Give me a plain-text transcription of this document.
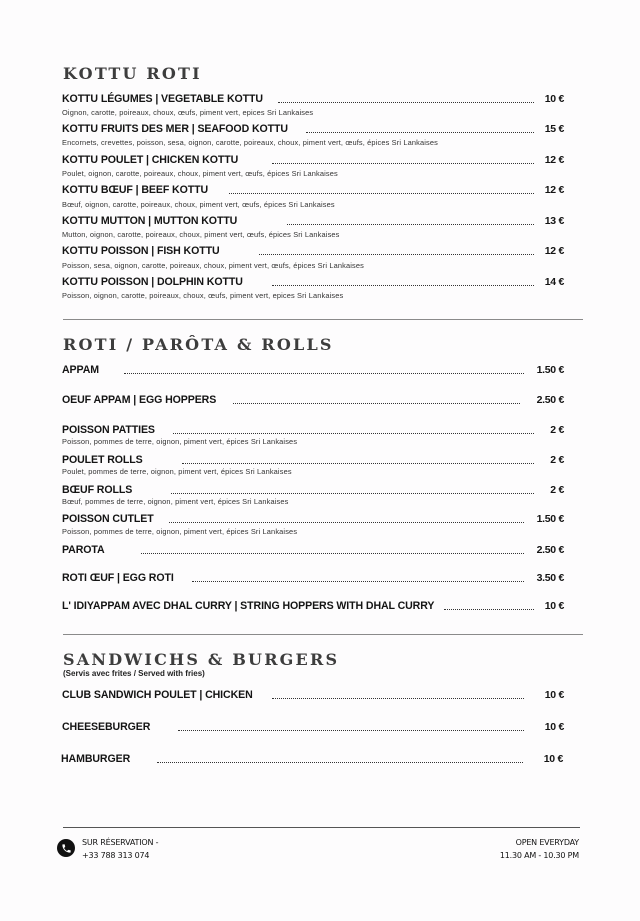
KOTTU ROTI
KOTTU LÉGUMES | VEGETABLE KOTTU	10 €
Oignon, carotte, poireaux, choux, œufs, piment vert, epices Sri Lankaises
KOTTU FRUITS DES MER | SEAFOOD KOTTU	15 €
Encornets, crevettes, poisson, sesa, oignon, carotte, poireaux, choux, piment vert, œufs, épices Sri Lankaises
KOTTU POULET | CHICKEN KOTTU	12 €
Poulet, oignon, carotte, poireaux, choux, piment vert, œufs, épices Sri Lankaises
KOTTU BŒUF | BEEF KOTTU	12 €
Bœuf, oignon, carotte, poireaux, choux, piment vert, œufs, épices Sri Lankaises
KOTTU MUTTON | MUTTON KOTTU	13 €
Mutton, oignon, carotte, poireaux, choux, piment vert, œufs, épices Sri Lankaises
KOTTU POISSON | FISH KOTTU	12 €
Poisson, sesa, oignon, carotte, poireaux, choux, piment vert, œufs, épices Sri Lankaises
KOTTU POISSON | DOLPHIN KOTTU	14 €
Poisson, oignon, carotte, poireaux, choux, œufs, piment vert, epices Sri Lankaises
ROTI / PARÔTA & ROLLS
APPAM	1.50 €
OEUF APPAM | EGG HOPPERS	2.50 €
POISSON PATTIES	2 €
Poisson, pommes de terre, oignon, piment vert, épices Sri Lankaises
POULET ROLLS	2 €
Poulet, pommes de terre, oignon, piment vert, épices Sri Lankaises
BŒUF ROLLS	2 €
Bœuf, pommes de terre, oignon, piment vert, épices Sri Lankaises
POISSON CUTLET	1.50 €
Poisson, pommes de terre, oignon, piment vert, épices Sri Lankaises
PAROTA	2.50 €
ROTI ŒUF | EGG ROTI	3.50 €
L' IDIYAPPAM AVEC DHAL CURRY | STRING HOPPERS WITH DHAL CURRY	10 €
SANDWICHS & BURGERS
(Servis avec frites / Served with fries)
CLUB SANDWICH POULET | CHICKEN	10 €
CHEESEBURGER	10 €
HAMBURGER	10 €
SUR RÉSERVATION -
+33 788 313 074
OPEN EVERYDAY
11.30 AM - 10.30 PM
